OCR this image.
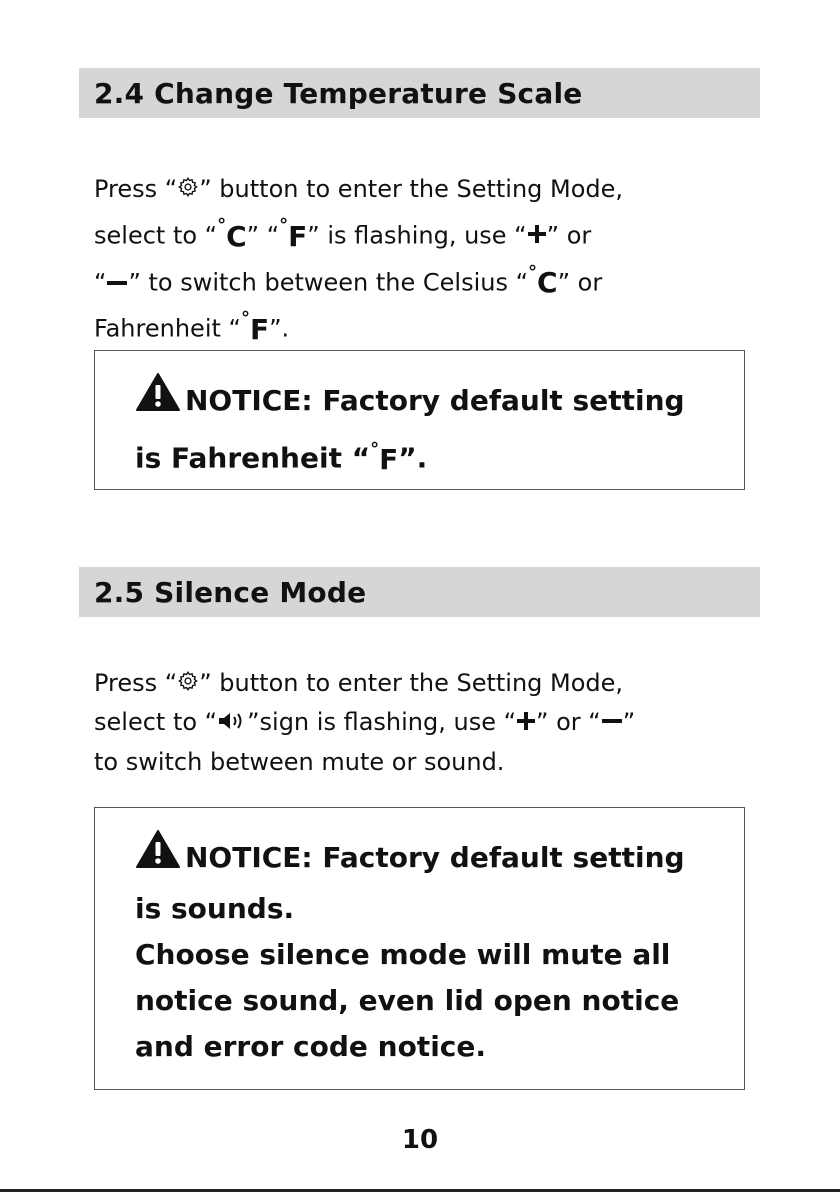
2.4 Change Temperature Scale
Press “ ” button to enter the Setting Mode,
select to “°C” “°F” is flashing, use “ ” or
“ ” to switch between the Celsius “°C” or
Fahrenheit “°F”.

NOTICE: Factory default setting

is Fahrenheit “°F”.

2.5 Silence Mode
Press “ ” button to enter the Setting Mode,
select to “ ”sign is flashing, use “ ” or “ ”
to switch between mute or sound.

NOTICE: Factory default setting

is sounds.

Choose silence mode will mute all

notice sound, even lid open notice

and error code notice.

10
